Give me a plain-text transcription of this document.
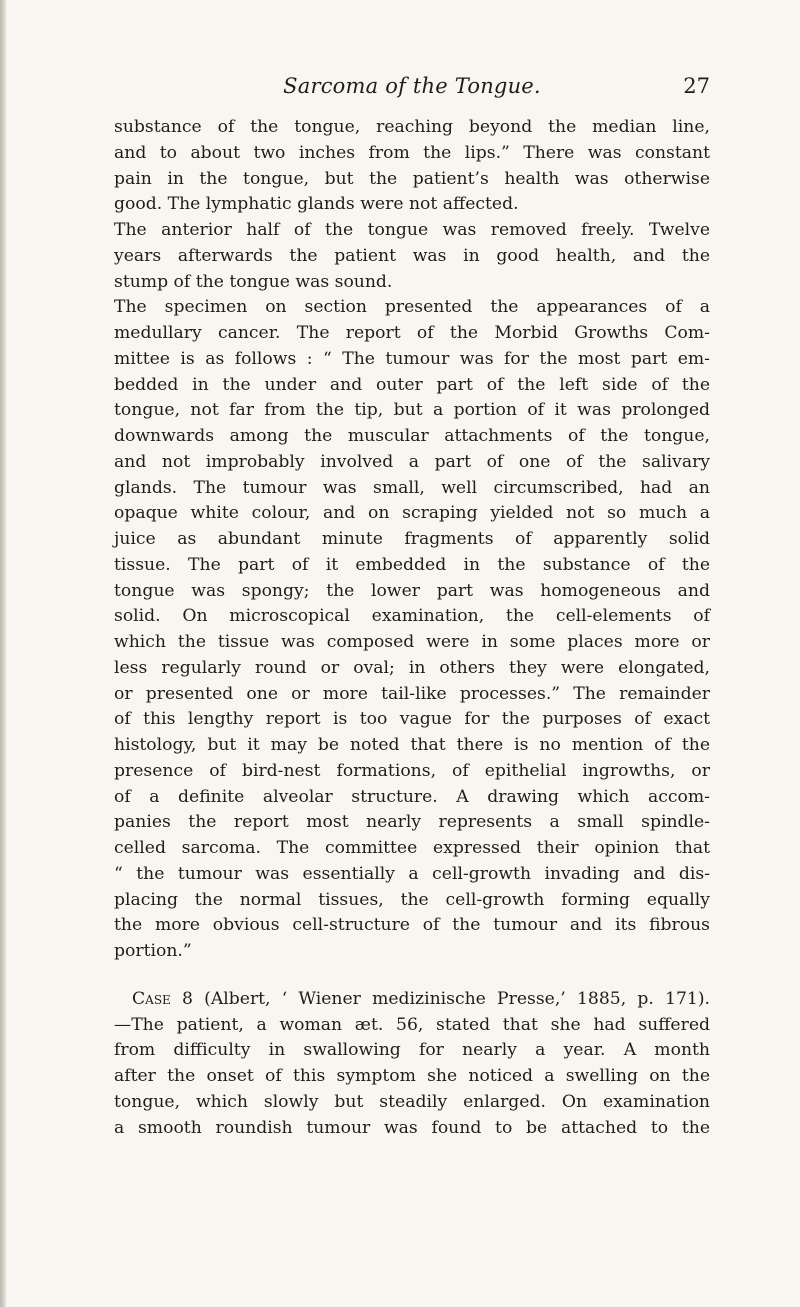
Sarcoma of the Tongue.	27
substance of the tongue, reaching beyond the median line,
and to about two inches from the lips.” There was constant
pain in the tongue, but the patient’s health was otherwise
good. The lymphatic glands were not affected.
The anterior half of the tongue was removed freely. Twelve
years afterwards the patient was in good health, and the
stump of the tongue was sound.
The specimen on section presented the appearances of a
medullary cancer. The report of the Morbid Growths Com-
mittee is as follows : “ The tumour was for the most part em-
bedded in the under and outer part of the left side of the
tongue, not far from the tip, but a portion of it was prolonged
downwards among the muscular attachments of the tongue,
and not improbably involved a part of one of the salivary
glands. The tumour was small, well circumscribed, had an
opaque white colour, and on scraping yielded not so much a
juice as abundant minute fragments of apparently solid
tissue. The part of it embedded in the substance of the
tongue was spongy; the lower part was homogeneous and
solid. On microscopical examination, the cell-elements of
which the tissue was composed were in some places more or
less regularly round or oval; in others they were elongated,
or presented one or more tail-like processes.” The remainder
of this lengthy report is too vague for the purposes of exact
histology, but it may be noted that there is no mention of the
presence of bird-nest formations, of epithelial ingrowths, or
of a definite alveolar structure. A drawing which accom-
panies the report most nearly represents a small spindle-
celled sarcoma. The committee expressed their opinion that
“ the tumour was essentially a cell-growth invading and dis-
placing the normal tissues, the cell-growth forming equally
the more obvious cell-structure of the tumour and its fibrous
portion.”
Case 8 (Albert, ‘ Wiener medizinische Presse,’ 1885, p. 171).
—The patient, a woman æt. 56, stated that she had suffered
from difficulty in swallowing for nearly a year. A month
after the onset of this symptom she noticed a swelling on the
tongue, which slowly but steadily enlarged. On examination
a smooth roundish tumour was found to be attached to the
